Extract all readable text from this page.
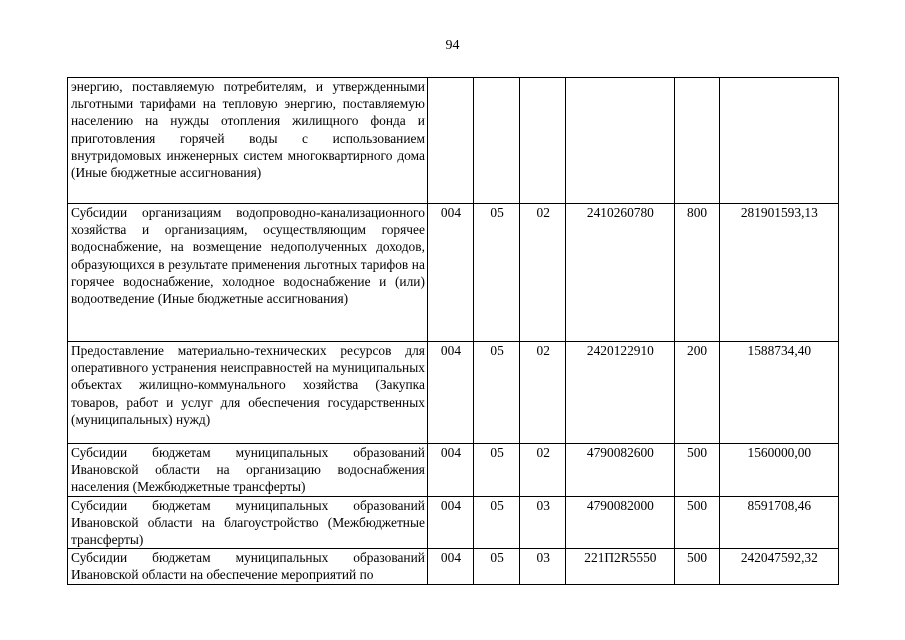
94
энергию, поставляемую потребителям, и утвержденными льготными тарифами на тепловую энергию, поставляемую населению на нужды отопления жилищного фонда и приготовления горячей воды с использованием внутридомовых инженерных систем многоквартирного дома (Иные бюджетные ассигнования)						
Субсидии организациям водопроводно-канализационного хозяйства и организациям, осуществляющим горячее водоснабжение, на возмещение недополученных доходов, образующихся в результате применения льготных тарифов на горячее водоснабжение, холодное водоснабжение и (или) водоотведение (Иные бюджетные ассигнования)	004	05	02	2410260780	800	281901593,13
Предоставление материально-технических ресурсов для оперативного устранения неисправностей на муниципальных объектах жилищно-коммунального хозяйства (Закупка товаров, работ и услуг для обеспечения государственных (муниципальных) нужд)	004	05	02	2420122910	200	1588734,40
Субсидии бюджетам муниципальных образований Ивановской области на организацию водоснабжения населения (Межбюджетные трансферты)	004	05	02	4790082600	500	1560000,00
Субсидии бюджетам муниципальных образований Ивановской области на благоустройство (Межбюджетные трансферты)	004	05	03	4790082000	500	8591708,46
Субсидии бюджетам муниципальных образований Ивановской области на обеспечение мероприятий по	004	05	03	221П2R5550	500	242047592,32
